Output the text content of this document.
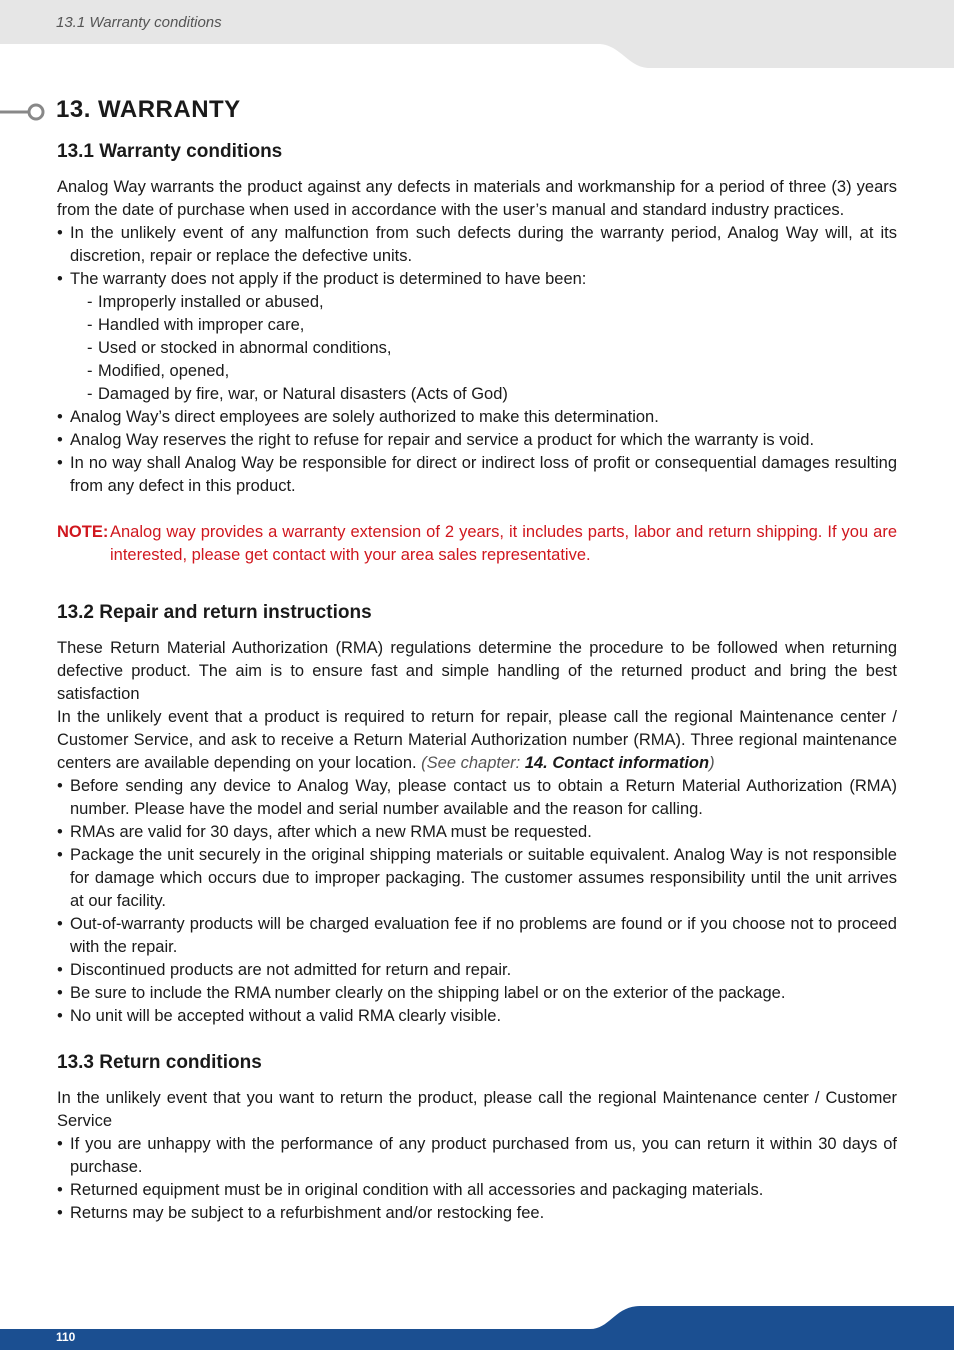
13.1 Warranty conditions
13. WARRANTY
13.1 Warranty conditions

Analog Way warrants the product against any defects in materials and workmanship for a period of three (3) years from the date of purchase when used in accordance with the user’s manual and standard industry practices.

• In the unlikely event of any malfunction from such defects during the warranty period, Analog Way will, at its discretion, repair or replace the defective units.
• The warranty does not apply if the product is determined to have been:
- Improperly installed or abused,
- Handled with improper care,
- Used or stocked in abnormal conditions,
- Modified, opened,
- Damaged by fire, war, or Natural disasters (Acts of God)
• Analog Way’s direct employees are solely authorized to make this determination.
• Analog Way reserves the right to refuse for repair and service a product for which the warranty is void.
• In no way shall Analog Way be responsible for direct or indirect loss of profit or consequential damages resulting from any defect in this product.
NOTE: Analog way provides a warranty extension of 2 years, it includes parts, labor and return shipping. If you are interested, please get contact with your area sales representative.
13.2 Repair and return instructions

These Return Material Authorization (RMA) regulations determine the procedure to be followed when returning defective product. The aim is to ensure fast and simple handling of the returned product and bring the best satisfaction

In the unlikely event that a product is required to return for repair, please call the regional Maintenance center / Customer Service, and ask to receive a Return Material Authorization number (RMA). Three regional maintenance centers are available depending on your location. (See chapter: 14. Contact information)

• Before sending any device to Analog Way, please contact us to obtain a Return Material Authorization (RMA) number. Please have the model and serial number available and the reason for calling.
• RMAs are valid for 30 days, after which a new RMA must be requested.
• Package the unit securely in the original shipping materials or suitable equivalent. Analog Way is not responsible for damage which occurs due to improper packaging. The customer assumes responsibility until the unit arrives at our facility.
• Out-of-warranty products will be charged evaluation fee if no problems are found or if you choose not to proceed with the repair.
• Discontinued products are not admitted for return and repair.
• Be sure to include the RMA number clearly on the shipping label or on the exterior of the package.
• No unit will be accepted without a valid RMA clearly visible.
13.3 Return conditions

In the unlikely event that you want to return the product, please call the regional Maintenance center / Customer Service

• If you are unhappy with the performance of any product purchased from us, you can return it within 30 days of purchase.
• Returned equipment must be in original condition with all accessories and packaging materials.
• Returns may be subject to a refurbishment and/or restocking fee.
110
